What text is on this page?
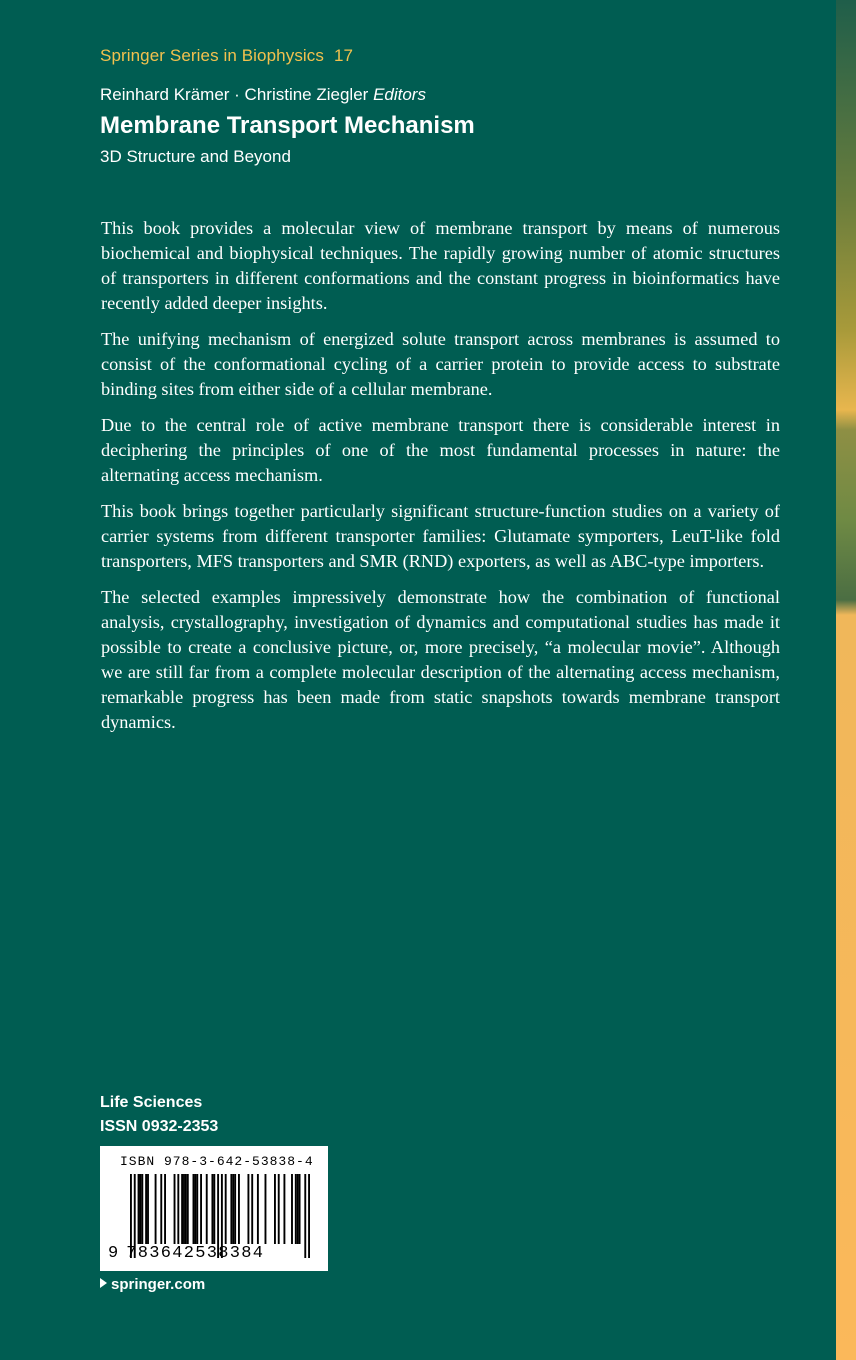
Springer Series in Biophysics 17
Reinhard Krämer · Christine Ziegler Editors
Membrane Transport Mechanism
3D Structure and Beyond

This book provides a molecular view of membrane transport by means of numerous biochemical and biophysical techniques. The rapidly growing number of atomic structures of transporters in different conformations and the constant progress in bioinformatics have recently added deeper insights.

The unifying mechanism of energized solute transport across membranes is assumed to consist of the conformational cycling of a carrier protein to provide access to substrate binding sites from either side of a cellular membrane.

Due to the central role of active membrane transport there is considerable interest in deciphering the principles of one of the most fundamental processes in nature: the alternating access mechanism.

This book brings together particularly significant structure-function studies on a variety of carrier systems from different transporter families: Glutamate symporters, LeuT-like fold transporters, MFS transporters and SMR (RND) exporters, as well as ABC-type importers.

The selected examples impressively demonstrate how the combination of functional analysis, crystallography, investigation of dynamics and computational studies has made it possible to create a conclusive picture, or, more precisely, “a molecular movie”. Although we are still far from a complete molecular description of the alternating access mechanism, remarkable progress has been made from static snapshots towards membrane transport dynamics.

Life Sciences
ISSN 0932-2353
ISBN 978-3-642-53838-4
9 783642538384
springer.com
